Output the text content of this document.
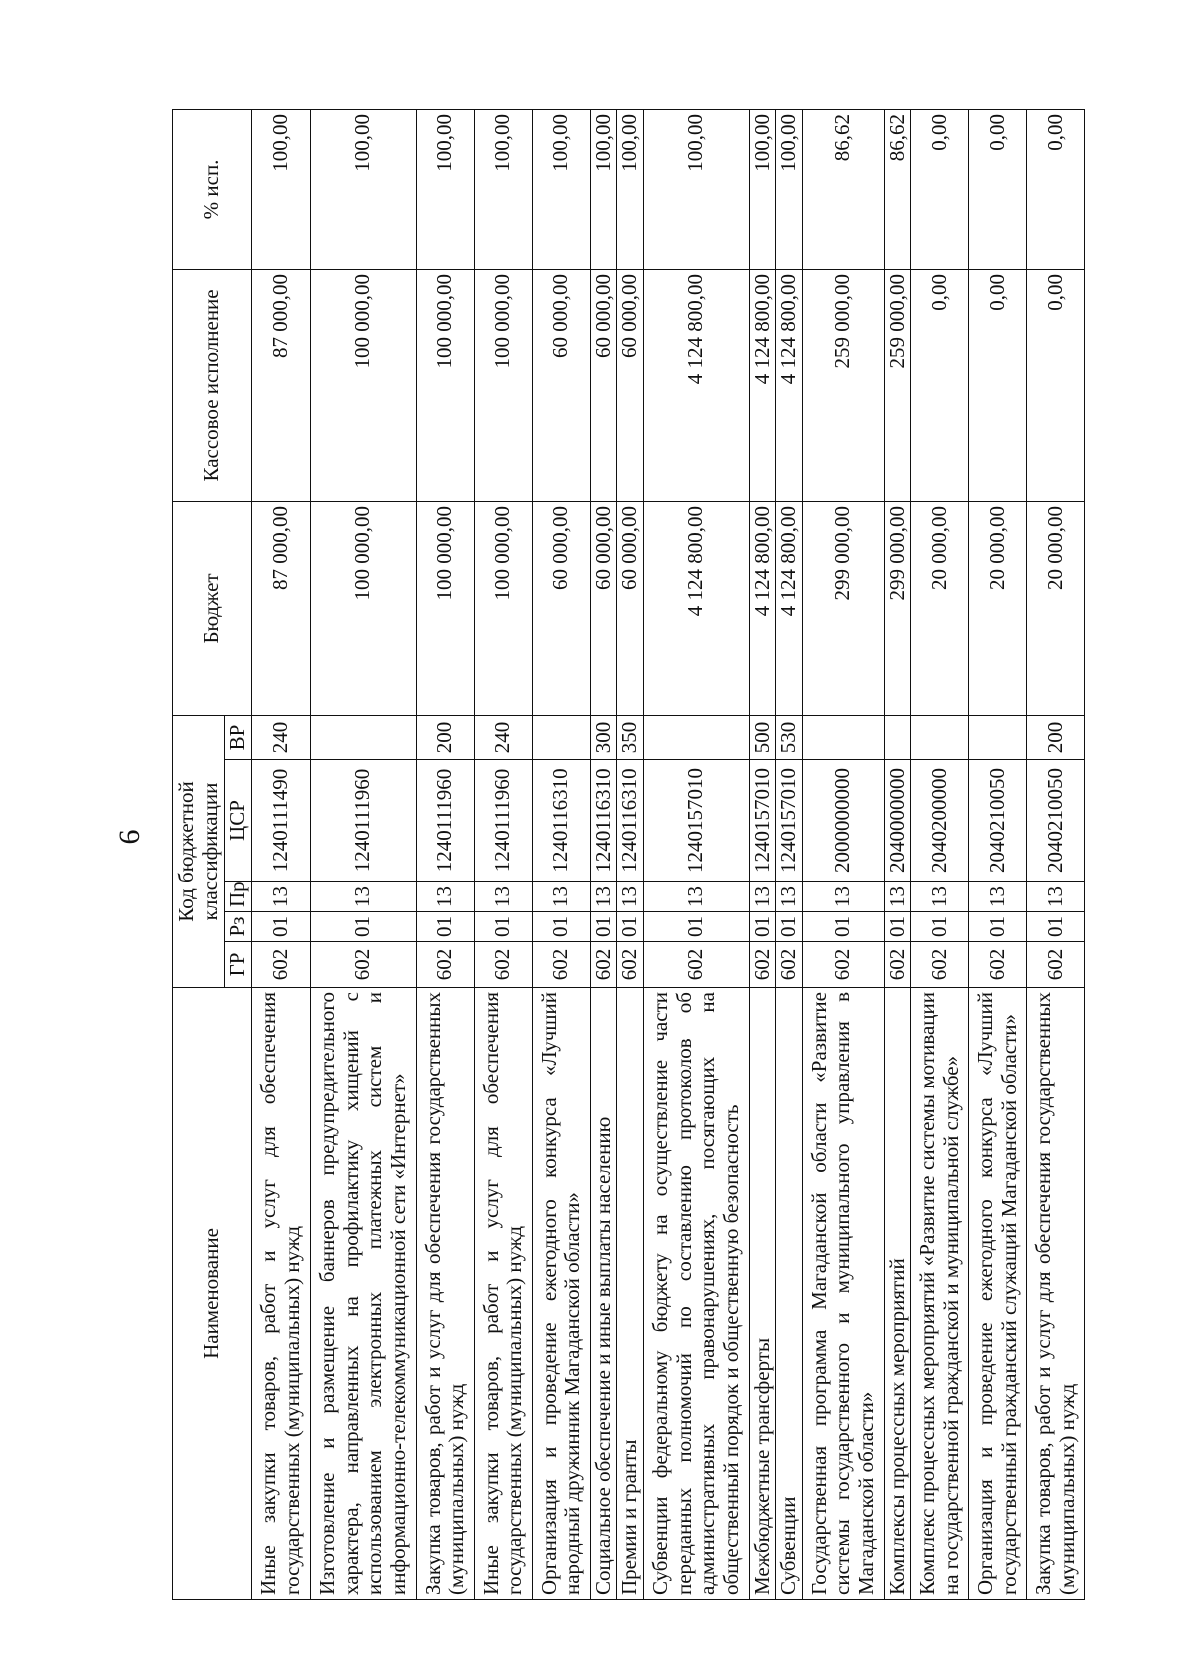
6
Наименование	Код бюджетной классификации					Бюджет	Кассовое исполнение	% исп.
	ГР	Рз	Пр	ЦСР	ВР			
Иные закупки товаров, работ и услуг для обеспечения государственных (муниципальных) нужд	602	01	13	1240111490	240	87 000,00	87 000,00	100,00
Изготовление и размещение баннеров предупредительного характера, направленных на профилактику хищений с использованием электронных платежных систем и информационно-телекоммуникационной сети «Интернет»	602	01	13	1240111960		100 000,00	100 000,00	100,00
Закупка товаров, работ и услуг для обеспечения государственных (муниципальных) нужд	602	01	13	1240111960	200	100 000,00	100 000,00	100,00
Иные закупки товаров, работ и услуг для обеспечения государственных (муниципальных) нужд	602	01	13	1240111960	240	100 000,00	100 000,00	100,00
Организация и проведение ежегодного конкурса «Лучший народный дружинник Магаданской области»	602	01	13	1240116310		60 000,00	60 000,00	100,00
Социальное обеспечение и иные выплаты населению	602	01	13	1240116310	300	60 000,00	60 000,00	100,00
Премии и гранты	602	01	13	1240116310	350	60 000,00	60 000,00	100,00
Субвенции федеральному бюджету на осуществление части переданных полномочий по составлению протоколов об административных правонарушениях, посягающих на общественный порядок и общественную безопасность	602	01	13	1240157010		4 124 800,00	4 124 800,00	100,00
Межбюджетные трансферты	602	01	13	1240157010	500	4 124 800,00	4 124 800,00	100,00
Субвенции	602	01	13	1240157010	530	4 124 800,00	4 124 800,00	100,00
Государственная программа Магаданской области «Развитие системы государственного и муниципального управления в Магаданской области»	602	01	13	2000000000		299 000,00	259 000,00	86,62
Комплексы процессных мероприятий	602	01	13	2040000000		299 000,00	259 000,00	86,62
Комплекс процессных мероприятий «Развитие системы мотивации на государственной гражданской и муниципальной службе»	602	01	13	2040200000		20 000,00	0,00	0,00
Организация и проведение ежегодного конкурса «Лучший государственный гражданский служащий Магаданской области»	602	01	13	2040210050		20 000,00	0,00	0,00
Закупка товаров, работ и услуг для обеспечения государственных (муниципальных) нужд	602	01	13	2040210050	200	20 000,00	0,00	0,00
